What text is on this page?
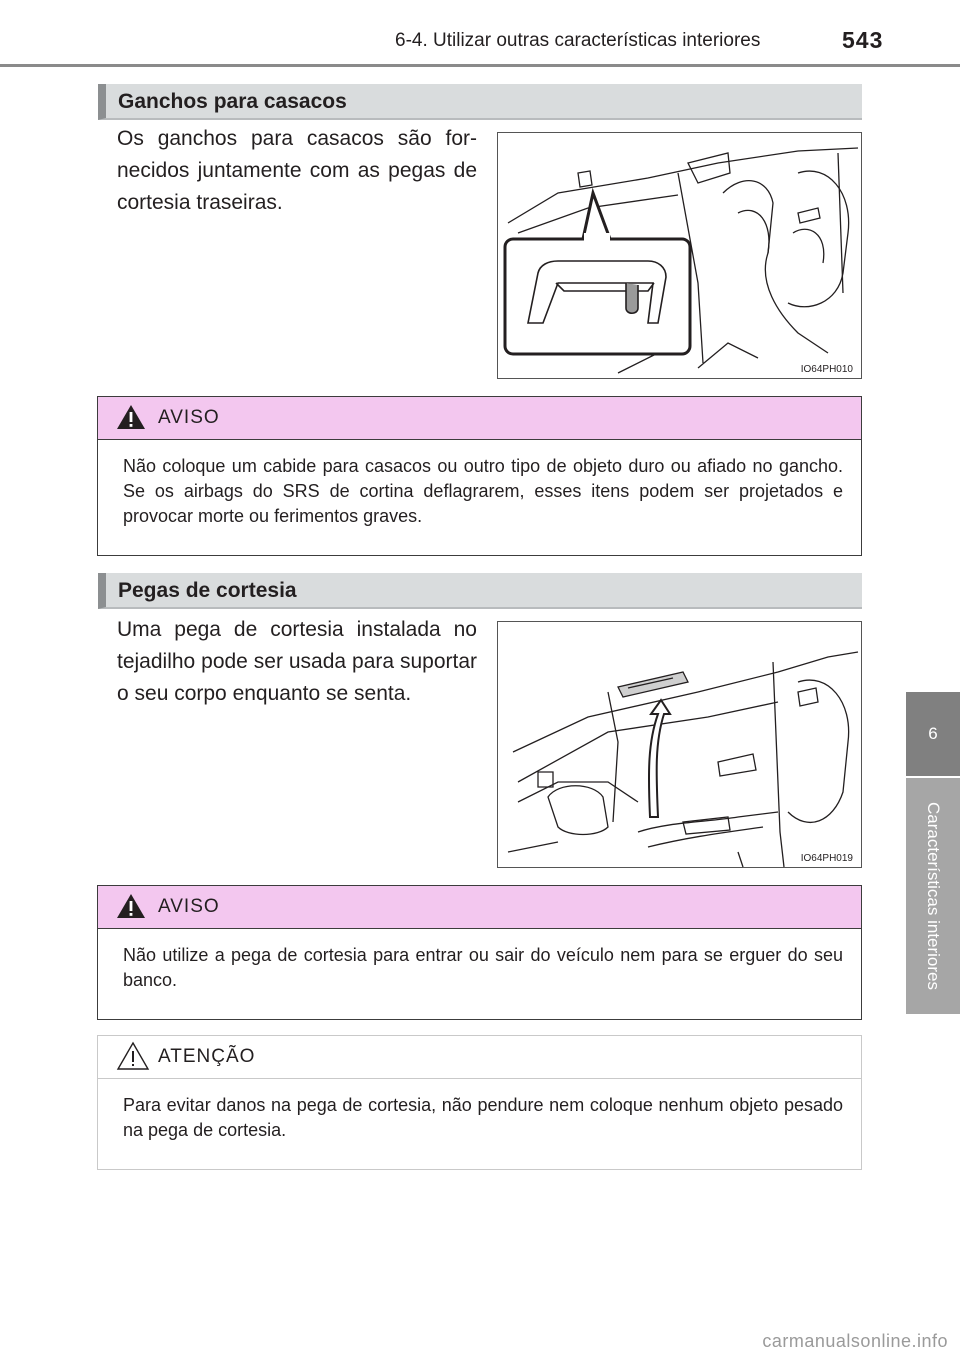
6-4. Utilizar outras características interiores	543
6
Características interiores
Ganchos para casacos
Os ganchos para casacos são for-necidos juntamente com as pegas de cortesia traseiras.
IO64PH010
AVISO
Não coloque um cabide para casacos ou outro tipo de objeto duro ou afiado no gancho. Se os airbags do SRS de cortina deflagrarem, esses itens podem ser projetados e provocar morte ou ferimentos graves.
Pegas de cortesia
Uma pega de cortesia instalada no tejadilho pode ser usada para suportar o seu corpo enquanto se senta.
IO64PH019
AVISO
Não utilize a pega de cortesia para entrar ou sair do veículo nem para se erguer do seu banco.
ATENÇÃO
Para evitar danos na pega de cortesia, não pendure nem coloque nenhum objeto pesado na pega de cortesia.
carmanualsonline.info
